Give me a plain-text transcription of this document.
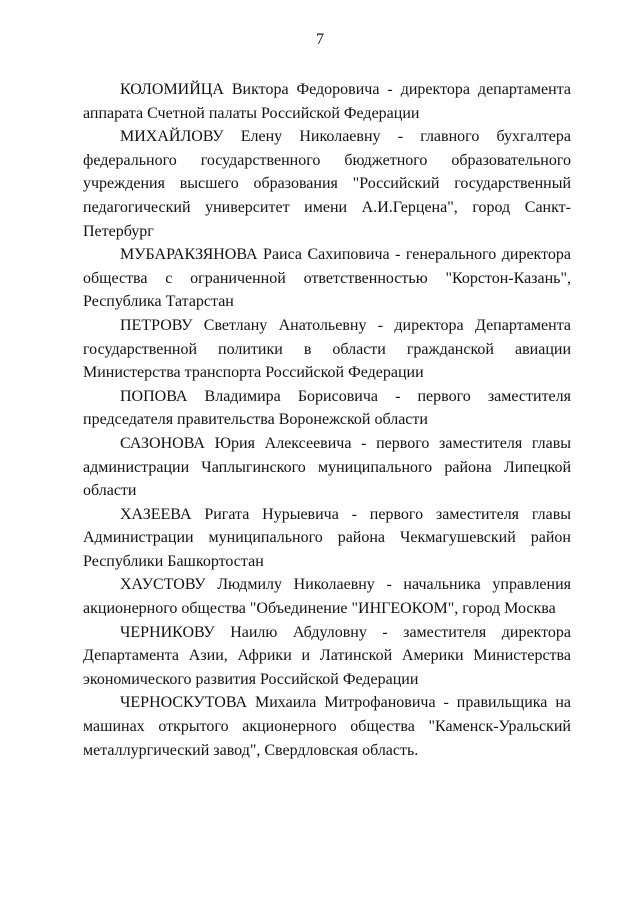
7

КОЛОМИЙЦА Виктора Федоровича - директора департамента аппарата Счетной палаты Российской Федерации

МИХАЙЛОВУ Елену Николаевну - главного бухгалтера федерального государственного бюджетного образовательного учреждения высшего образования "Российский государственный педагогический университет имени А.И.Герцена", город Санкт-Петербург

МУБАРАКЗЯНОВА Раиса Сахиповича - генерального директора общества с ограниченной ответственностью "Корстон-Казань", Республика Татарстан

ПЕТРОВУ Светлану Анатольевну - директора Департамента государственной политики в области гражданской авиации Министерства транспорта Российской Федерации

ПОПОВА Владимира Борисовича - первого заместителя председателя правительства Воронежской области

САЗОНОВА Юрия Алексеевича - первого заместителя главы администрации Чаплыгинского муниципального района Липецкой области

ХАЗЕЕВА Ригата Нурыевича - первого заместителя главы Администрации муниципального района Чекмагушевский район Республики Башкортостан

ХАУСТОВУ Людмилу Николаевну - начальника управления акционерного общества "Объединение "ИНГЕОКОМ", город Москва

ЧЕРНИКОВУ Наилю Абдуловну - заместителя директора Департамента Азии, Африки и Латинской Америки Министерства экономического развития Российской Федерации

ЧЕРНОСКУТОВА Михаила Митрофановича - правильщика на машинах открытого акционерного общества "Каменск-Уральский металлургический завод", Свердловская область.
